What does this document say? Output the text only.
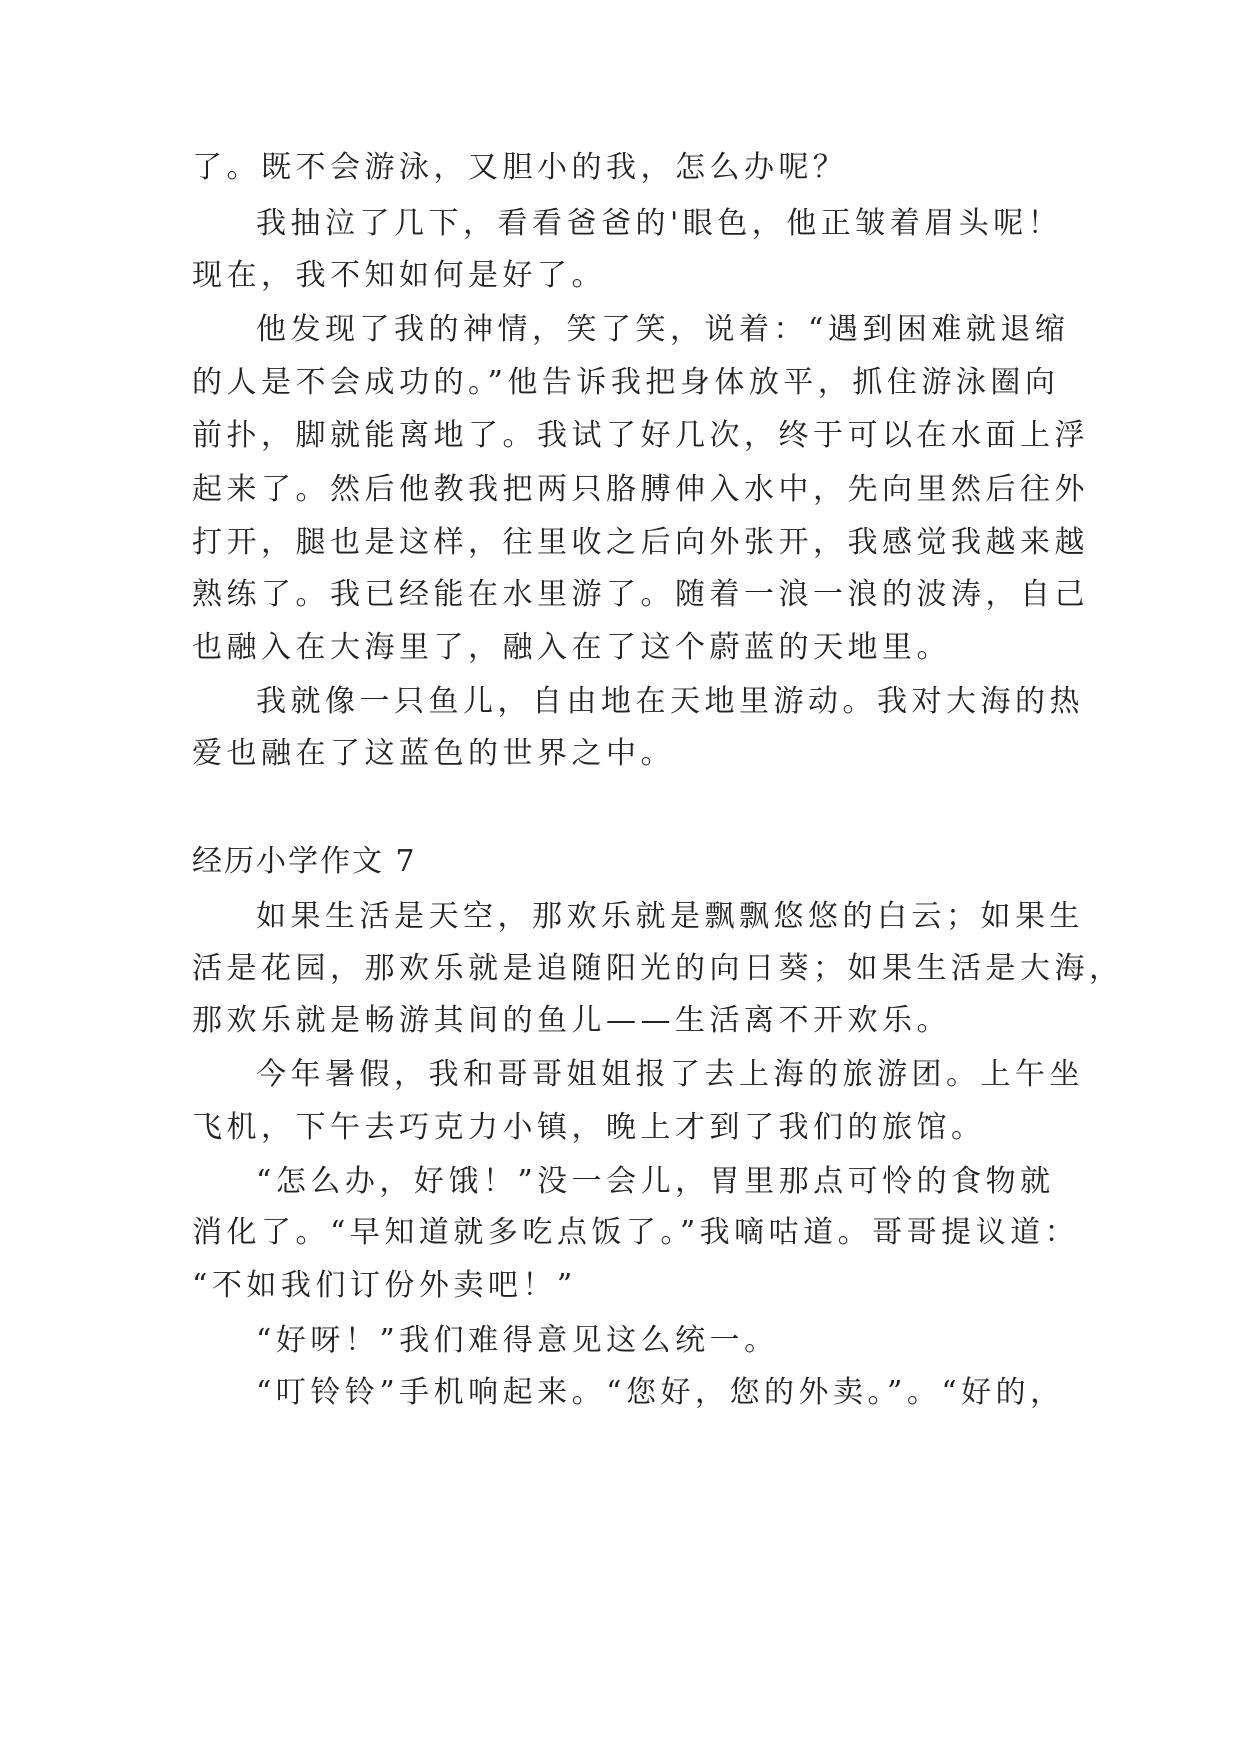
了。既不会游泳，又胆小的我，怎么办呢？
我抽泣了几下，看看爸爸的'眼色，他正皱着眉头呢！
现在，我不知如何是好了。
他发现了我的神情，笑了笑，说着：“遇到困难就退缩
的人是不会成功的。”他告诉我把身体放平，抓住游泳圈向
前扑，脚就能离地了。我试了好几次，终于可以在水面上浮
起来了。然后他教我把两只胳膊伸入水中，先向里然后往外
打开，腿也是这样，往里收之后向外张开，我感觉我越来越
熟练了。我已经能在水里游了。随着一浪一浪的波涛，自己
也融入在大海里了，融入在了这个蔚蓝的天地里。
我就像一只鱼儿，自由地在天地里游动。我对大海的热
爱也融在了这蓝色的世界之中。
经历小学作文 7
如果生活是天空，那欢乐就是飘飘悠悠的白云；如果生
活是花园，那欢乐就是追随阳光的向日葵；如果生活是大海，
那欢乐就是畅游其间的鱼儿——生活离不开欢乐。
今年暑假，我和哥哥姐姐报了去上海的旅游团。上午坐
飞机，下午去巧克力小镇，晚上才到了我们的旅馆。
“怎么办，好饿！”没一会儿，胃里那点可怜的食物就
消化了。“早知道就多吃点饭了。”我嘀咕道。哥哥提议道：
“不如我们订份外卖吧！”
“好呀！”我们难得意见这么统一。
“叮铃铃”手机响起来。“您好，您的外卖。”。“好的，
